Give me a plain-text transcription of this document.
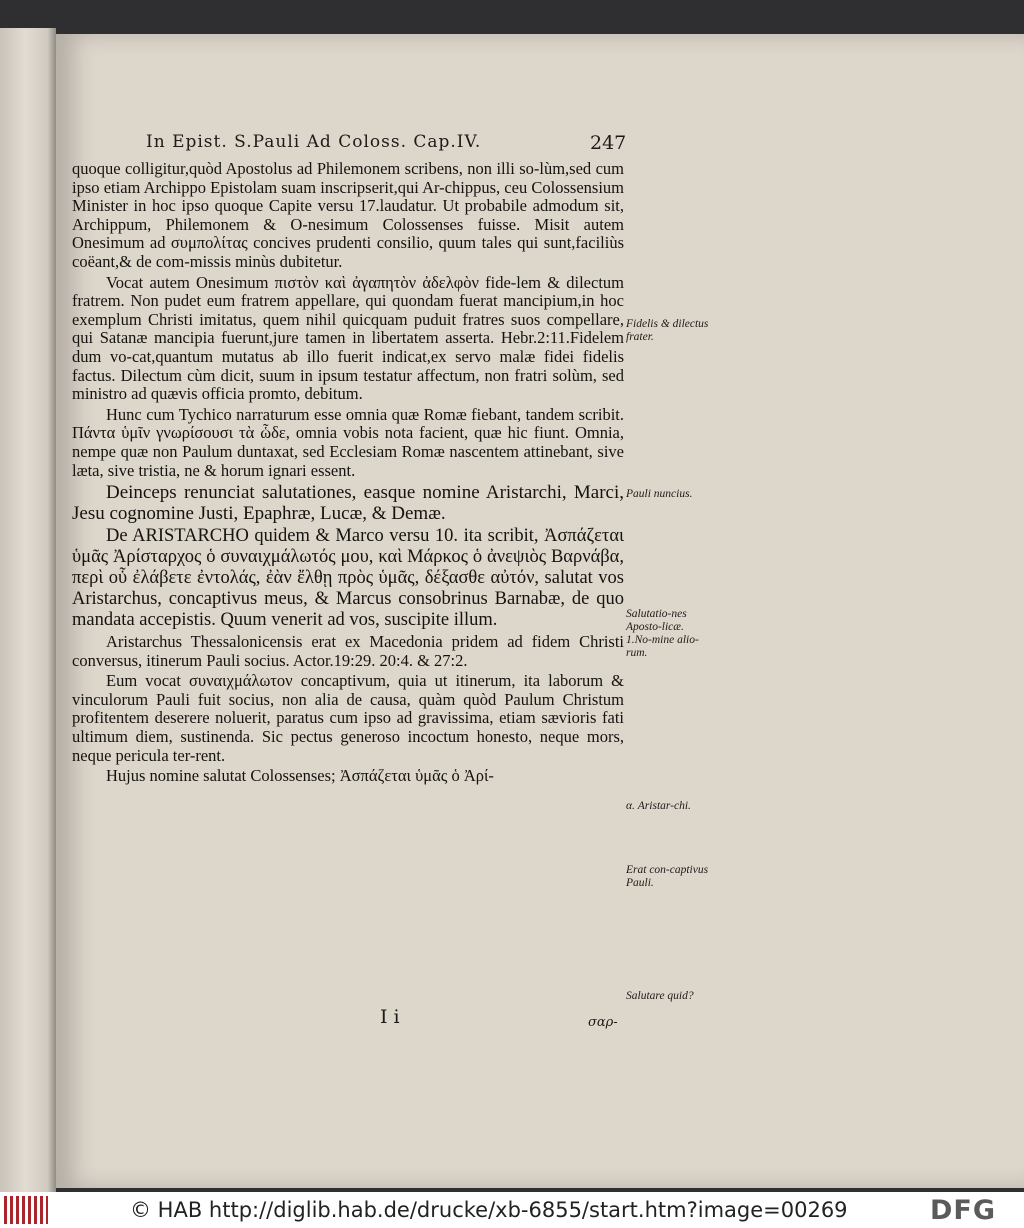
In Epist. S.Pauli Ad Coloss. Cap.IV.	247

quoque colligitur,quòd Apostolus ad Philemonem scribens, non illi so-lùm,sed cum ipso etiam Archippo Epistolam suam inscripserit,qui Ar-chippus, ceu Colossensium Minister in hoc ipso quoque Capite versu 17.laudatur. Ut probabile admodum sit, Archippum, Philemonem & O-nesimum Colossenses fuisse. Misit autem Onesimum ad συμπολίτας concives prudenti consilio, quum tales qui sunt,faciliùs coëant,& de com-missis minùs dubitetur.

Vocat autem Onesimum πιστὸν καὶ ἀγαπητὸν ἀδελφὸν fide-lem & dilectum fratrem. Non pudet eum fratrem appellare, qui quondam fuerat mancipium,in hoc exemplum Christi imitatus, quem nihil quicquam puduit fratres suos compellare, qui Satanæ mancipia fuerunt,jure tamen in libertatem asserta. Hebr.2:11.Fidelem dum vo-cat,quantum mutatus ab illo fuerit indicat,ex servo malæ fidei fidelis factus. Dilectum cùm dicit, suum in ipsum testatur affectum, non fratri solùm, sed ministro ad quævis officia promto, debitum.

Hunc cum Tychico narraturum esse omnia quæ Romæ fiebant, tandem scribit. Πάντα ὑμῖν γνωρίσουσι τὰ ὧδε, omnia vobis nota facient, quæ hic fiunt. Omnia, nempe quæ non Paulum duntaxat, sed Ecclesiam Romæ nascentem attinebant, sive læta, sive tristia, ne & horum ignari essent.

Deinceps renunciat salutationes, easque nomine Aristarchi, Marci, Jesu cognomine Justi, Epaphræ, Lucæ, & Demæ.

De ARISTARCHO quidem & Marco versu 10. ita scribit, Ἀσπάζεται ὑμᾶς Ἀρίσταρχος ὁ συναιχμάλωτός μου, καὶ Μάρκος ὁ ἀνεψιὸς Βαρνάβα, περὶ οὗ ἐλάβετε ἐντολάς, ἐὰν ἔλθῃ πρὸς ὑμᾶς, δέξασθε αὐτόν, salutat vos Aristarchus, concaptivus meus, & Marcus consobrinus Barnabæ, de quo mandata accepistis. Quum venerit ad vos, suscipite illum.

Aristarchus Thessalonicensis erat ex Macedonia pridem ad fidem Christi conversus, itinerum Pauli socius. Actor.19:29. 20:4. & 27:2.

Eum vocat συναιχμάλωτον concaptivum, quia ut itinerum, ita laborum & vinculorum Pauli fuit socius, non alia de causa, quàm quòd Paulum Christum profitentem deserere noluerit, paratus cum ipso ad gravissima, etiam sævioris fati ultimum diem, sustinenda. Sic pectus generoso incoctum honesto, neque mors, neque pericula ter-rent.

Hujus nomine salutat Colossenses; Ἀσπάζεται ὑμᾶς ὁ Ἀρί-

Fidelis & dilectus frater.
Pauli nuncius.
Salutatio-nes Aposto-licæ. 1.No-mine alio-rum.
α. Aristar-chi.
Erat con-captivus Pauli.
Salutare quid?
I i	σαρ-
© HAB http://diglib.hab.de/drucke/xb-6855/start.htm?image=00269	DFG
